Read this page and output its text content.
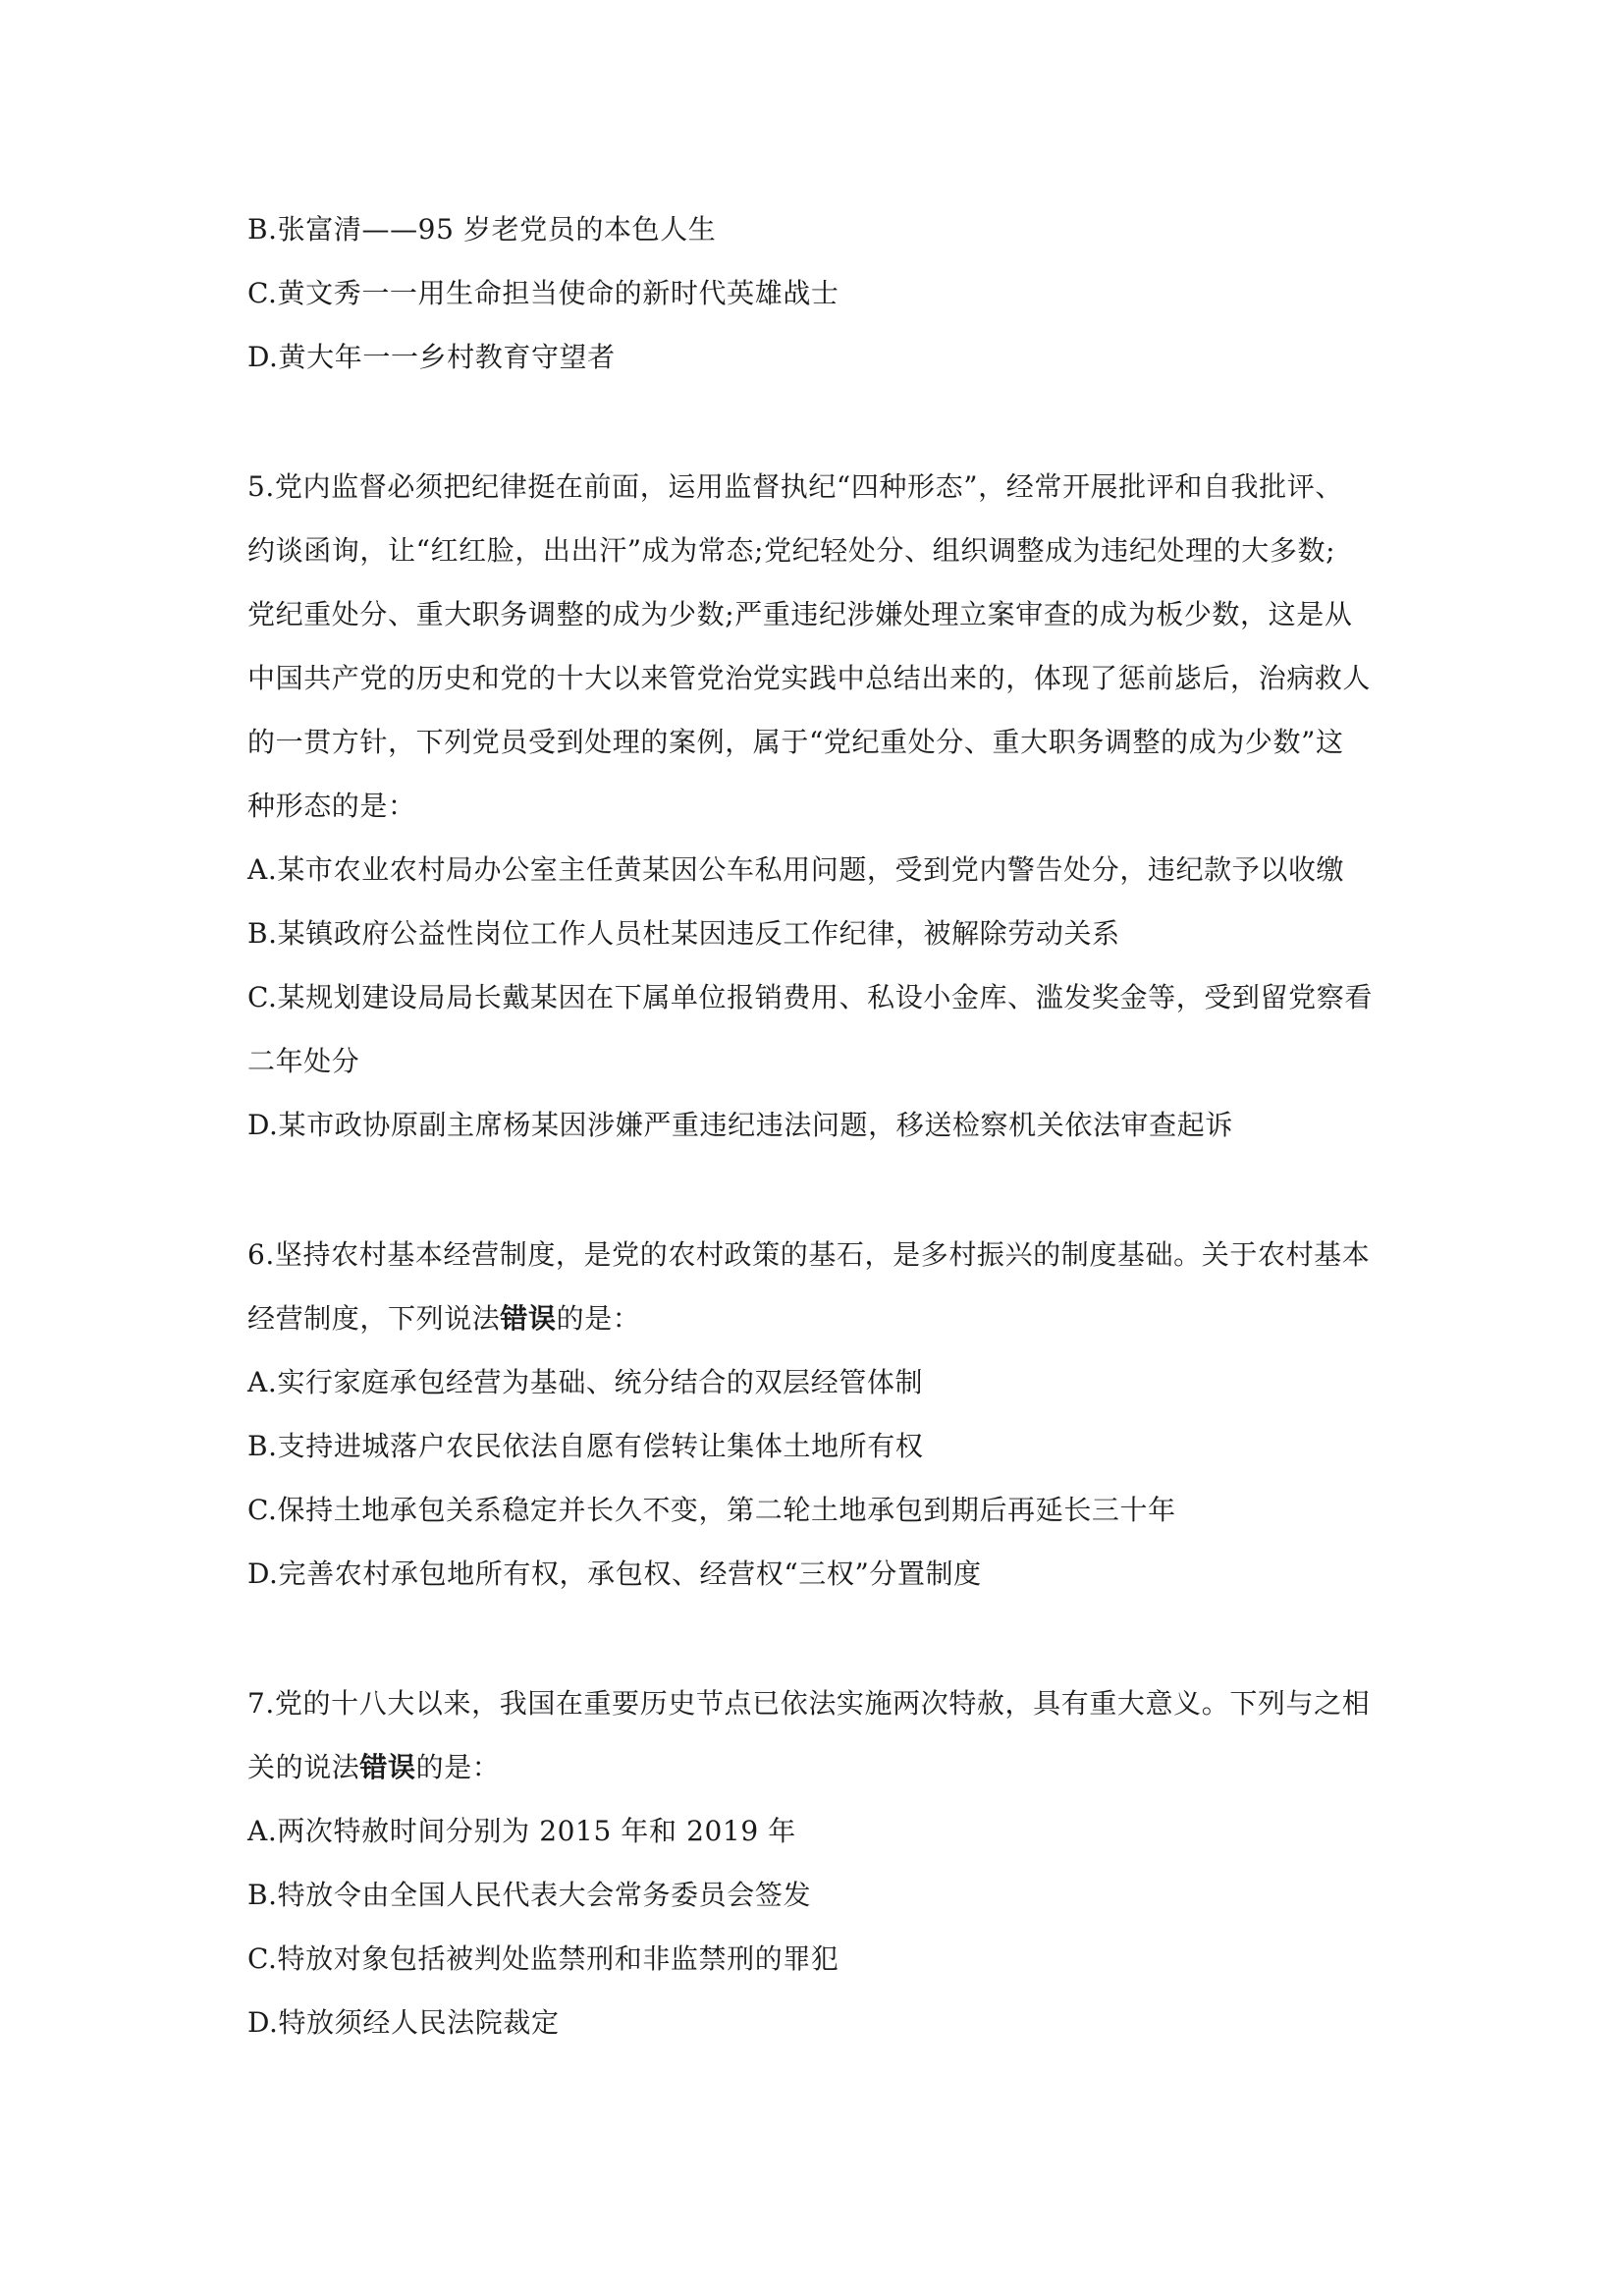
B.张富清——95 岁老党员的本色人生
C.黄文秀一一用生命担当使命的新时代英雄战士
D.黄大年一一乡村教育守望者
5.党内监督必须把纪律挺在前面，运用监督执纪“四种形态”，经常开展批评和自我批评、
约谈函询，让“红红脸，出出汗”成为常态;党纪轻处分、组织调整成为违纪处理的大多数;
党纪重处分、重大职务调整的成为少数;严重违纪涉嫌处理立案审查的成为板少数，这是从
中国共产党的历史和党的十大以来管党治党实践中总结出来的，体现了惩前毖后，治病救人
的一贯方针，下列党员受到处理的案例，属于“党纪重处分、重大职务调整的成为少数”这
种形态的是：
A.某市农业农村局办公室主任黄某因公车私用问题，受到党内警告处分，违纪款予以收缴
B.某镇政府公益性岗位工作人员杜某因违反工作纪律，被解除劳动关系
C.某规划建设局局长戴某因在下属单位报销费用、私设小金库、滥发奖金等，受到留党察看
二年处分
D.某市政协原副主席杨某因涉嫌严重违纪违法问题，移送检察机关依法审查起诉
6.坚持农村基本经营制度，是党的农村政策的基石，是多村振兴的制度基础。关于农村基本
经营制度，下列说法错误的是：
A.实行家庭承包经营为基础、统分结合的双层经管体制
B.支持进城落户农民依法自愿有偿转让集体土地所有权
C.保持土地承包关系稳定并长久不变，第二轮土地承包到期后再延长三十年
D.完善农村承包地所有权，承包权、经营权“三权”分置制度
7.党的十八大以来，我国在重要历史节点已依法实施两次特赦，具有重大意义。下列与之相
关的说法错误的是：
A.两次特赦时间分别为 2015 年和 2019 年
B.特放令由全国人民代表大会常务委员会签发
C.特放对象包括被判处监禁刑和非监禁刑的罪犯
D.特放须经人民法院裁定
